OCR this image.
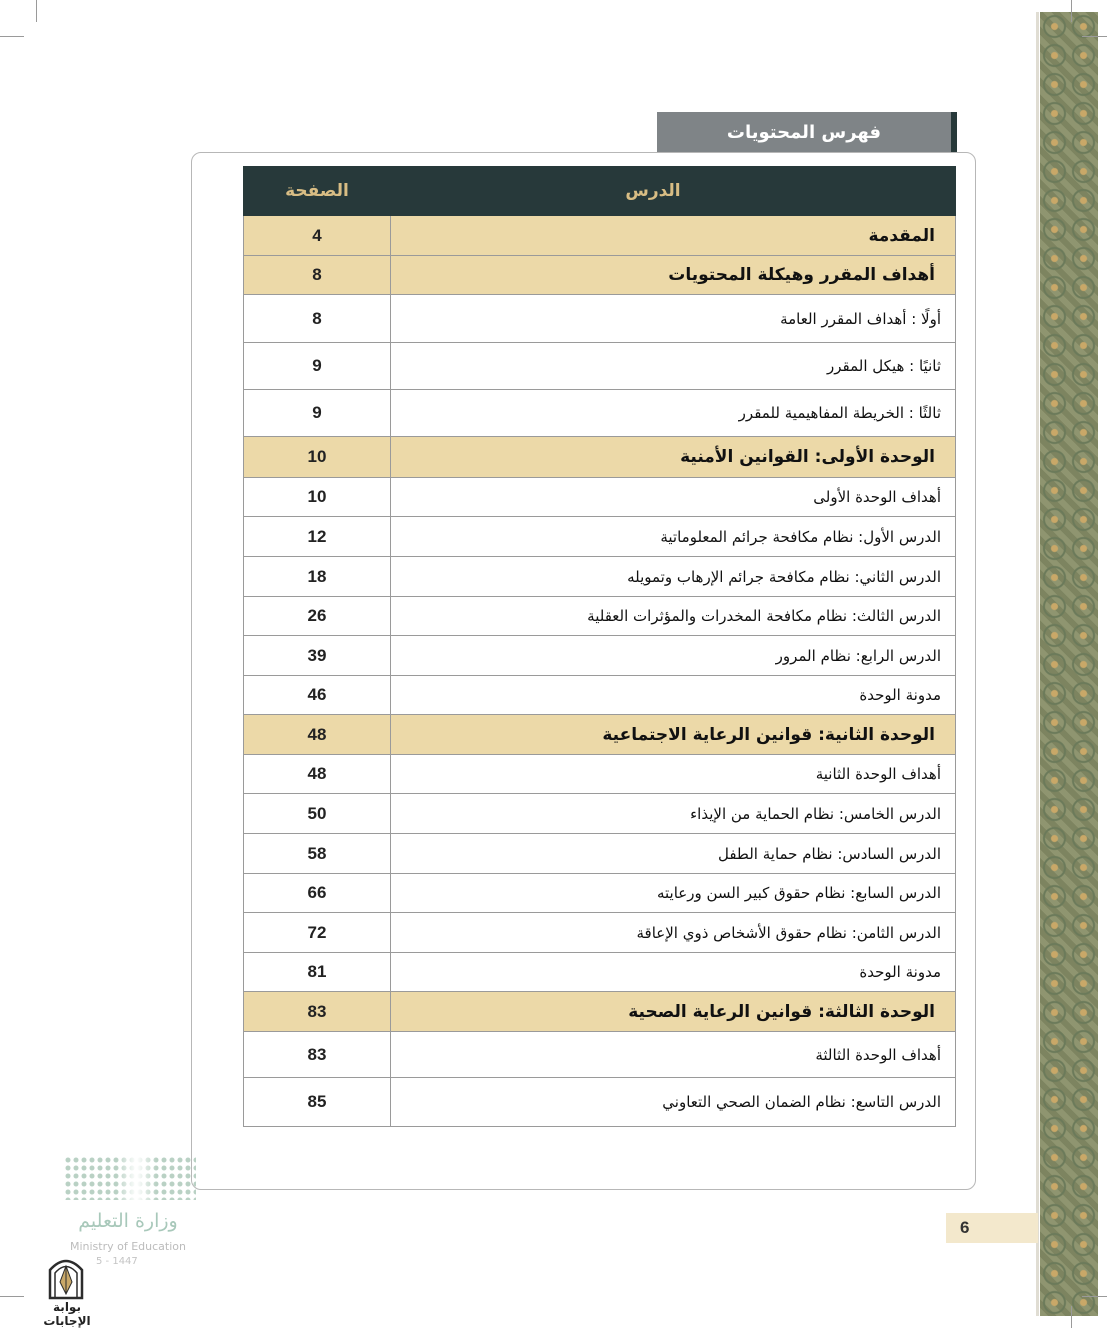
فهرس المحتويات
الدرس	الصفحة
المقدمة	4
أهداف المقرر وهيكلة المحتويات	8
أولًا : أهداف المقرر العامة	8
ثانيًا : هيكل المقرر	9
ثالثًا : الخريطة المفاهيمية للمقرر	9
الوحدة الأولى: القوانين الأمنية	10
أهداف الوحدة الأولى	10
الدرس الأول: نظام مكافحة جرائم المعلوماتية	12
الدرس الثاني: نظام مكافحة جرائم الإرهاب وتمويله	18
الدرس الثالث: نظام مكافحة المخدرات والمؤثرات العقلية	26
الدرس الرابع: نظام المرور	39
مدونة الوحدة	46
الوحدة الثانية: قوانين الرعاية الاجتماعية	48
أهداف الوحدة الثانية	48
الدرس الخامس: نظام الحماية من الإيذاء	50
الدرس السادس: نظام حماية الطفل	58
الدرس السابع: نظام حقوق كبير السن ورعايته	66
الدرس الثامن: نظام حقوق الأشخاص ذوي الإعاقة	72
مدونة الوحدة	81
الوحدة الثالثة: قوانين الرعاية الصحية	83
أهداف الوحدة الثالثة	83
الدرس التاسع: نظام الضمان الصحي التعاوني	85
6
وزارة التعليم
Ministry of Education
5 - 1447
بوابة الإجابات
